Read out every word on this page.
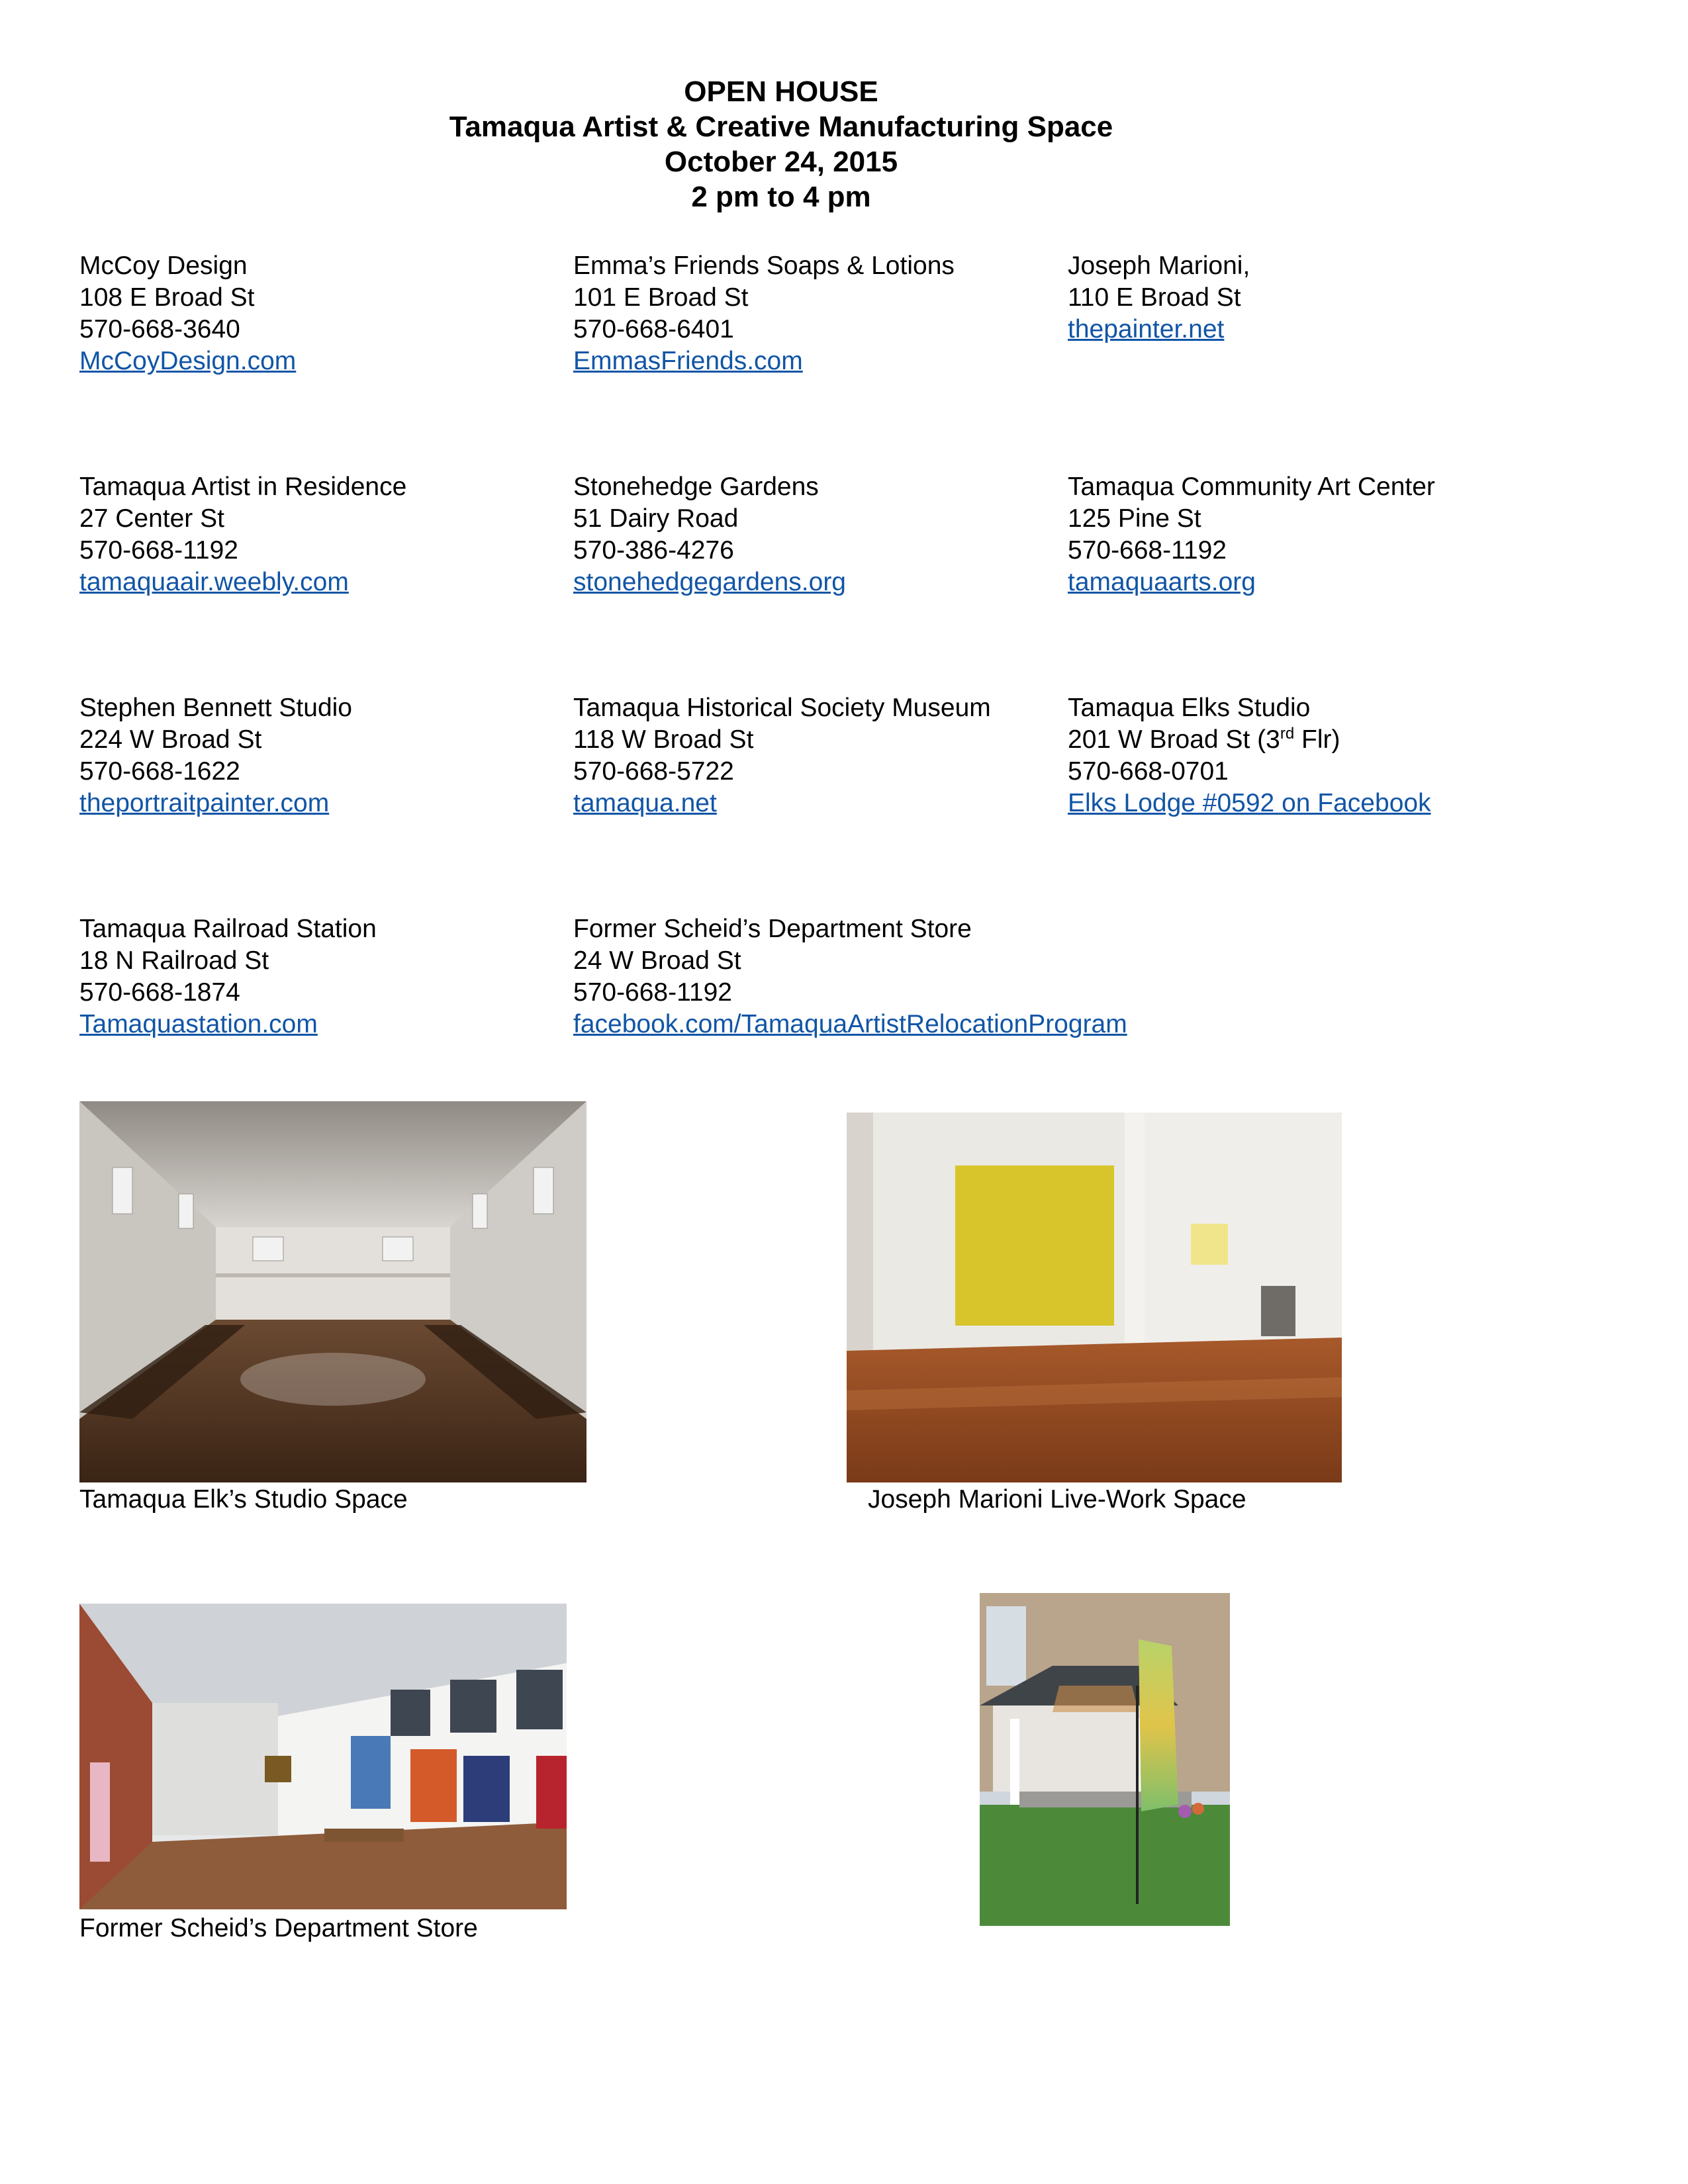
OPEN HOUSE
Tamaqua Artist & Creative Manufacturing Space
October 24, 2015
2 pm to 4 pm
McCoy Design
108 E Broad St
570-668-3640
McCoyDesign.com
Emma’s Friends Soaps & Lotions
101 E Broad St
570-668-6401
EmmasFriends.com
Joseph Marioni,
110 E Broad St
thepainter.net
Tamaqua Artist in Residence
27 Center St
570-668-1192
tamaquaair.weebly.com
Stonehedge Gardens
51 Dairy Road
570-386-4276
stonehedgegardens.org
Tamaqua Community Art Center
125 Pine St
570-668-1192
tamaquaarts.org
Stephen Bennett Studio
224 W Broad St
570-668-1622
theportraitpainter.com
Tamaqua Historical Society Museum
118 W Broad St
570-668-5722
tamaqua.net
Tamaqua Elks Studio
201 W Broad St (3rd Flr)
570-668-0701
Elks Lodge #0592 on Facebook
Tamaqua Railroad Station
18 N Railroad St
570-668-1874
Tamaquastation.com
Former Scheid’s Department Store
24 W Broad St
570-668-1192
facebook.com/TamaquaArtistRelocationProgram
Tamaqua Elk’s Studio Space	Joseph Marioni Live-Work Space
Former Scheid’s Department Store
